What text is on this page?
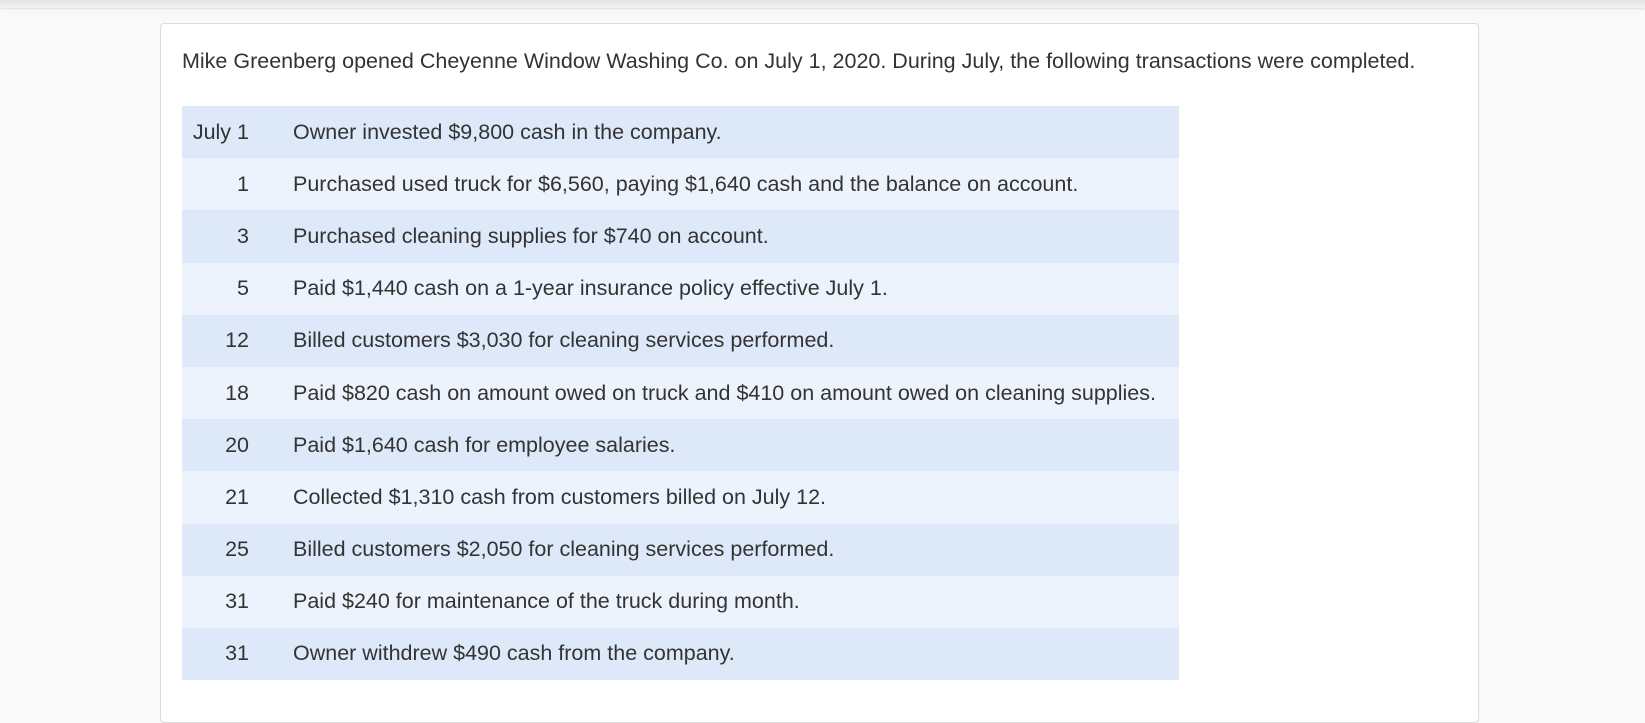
Mike Greenberg opened Cheyenne Window Washing Co. on July 1, 2020. During July, the following transactions were completed.

July 1	Owner invested $9,800 cash in the company.
1	Purchased used truck for $6,560, paying $1,640 cash and the balance on account.
3	Purchased cleaning supplies for $740 on account.
5	Paid $1,440 cash on a 1-year insurance policy effective July 1.
12	Billed customers $3,030 for cleaning services performed.
18	Paid $820 cash on amount owed on truck and $410 on amount owed on cleaning supplies.
20	Paid $1,640 cash for employee salaries.
21	Collected $1,310 cash from customers billed on July 12.
25	Billed customers $2,050 for cleaning services performed.
31	Paid $240 for maintenance of the truck during month.
31	Owner withdrew $490 cash from the company.
